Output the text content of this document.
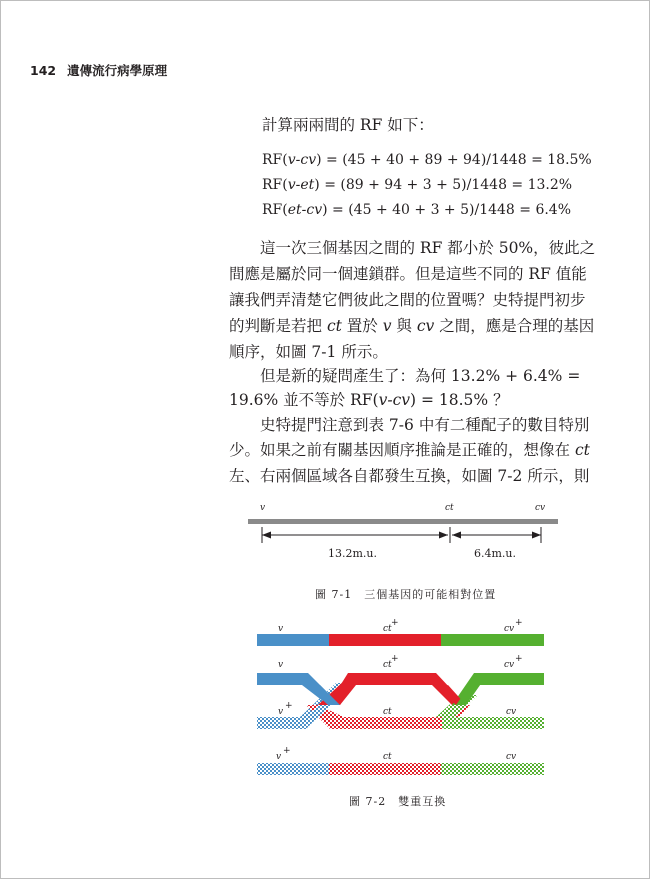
142 遺傳流行病學原理
計算兩兩間的 RF 如下：
RF(v-cv) = (45 + 40 + 89 + 94)/1448 = 18.5%
RF(v-et) = (89 + 94 + 3 + 5)/1448 = 13.2%
RF(et-cv) = (45 + 40 + 3 + 5)/1448 = 6.4%
這一次三個基因之間的 RF 都小於 50%，彼此之
間應是屬於同一個連鎖群。但是這些不同的 RF 值能
讓我們弄清楚它們彼此之間的位置嗎？史特提門初步
的判斷是若把 ct 置於 v 與 cv 之間，應是合理的基因
順序，如圖 7-1 所示。
但是新的疑問產生了：為何 13.2% + 6.4% =
19.6% 並不等於 RF(v-cv) = 18.5% ？
史特提門注意到表 7-6 中有二種配子的數目特別
少。如果之前有關基因順序推論是正確的，想像在 ct
左、右兩個區域各自都發生互換，如圖 7-2 所示，則
v	ct	cv
13.2m.u.	6.4m.u.
圖 7-1　三個基因的可能相對位置
v	ct
+
cv
+
v	ct
+
cv
+
v
+
ct	cv
v
+
ct	cv
圖 7-2　雙重互換
